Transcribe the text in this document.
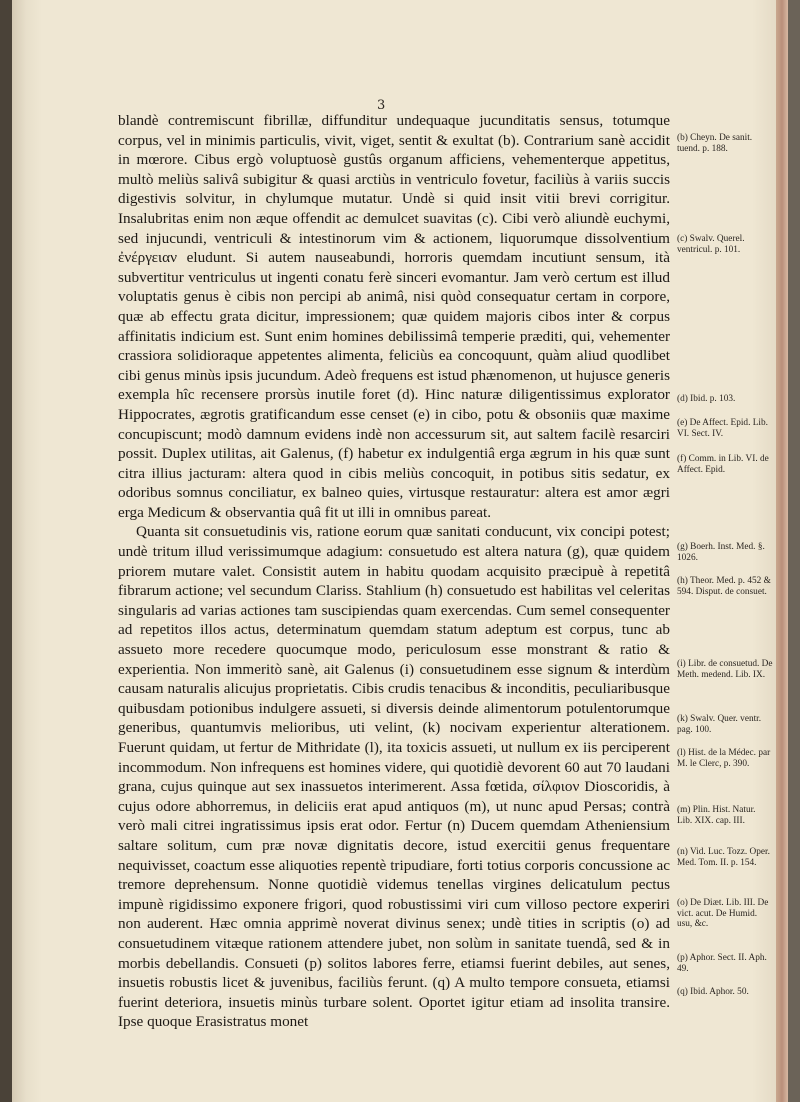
3

blandè contremiscunt fibrillæ, diffunditur undequaque jucunditatis sensus, totumque corpus, vel in minimis particulis, vivit, viget, sentit & exultat (b). Contrarium sanè accidit in mœrore. Cibus ergò voluptuosè gustûs organum afficiens, vehementerque appetitus, multò meliùs salivâ subigitur & quasi arctiùs in ventriculo fovetur, faciliùs à variis succis digestivis solvitur, in chylumque mutatur. Undè si quid insit vitii brevi corrigitur. Insalubritas enim non æque offendit ac demulcet suavitas (c). Cibi verò aliundè euchymi, sed injucundi, ventriculi & intestinorum vim & actionem, liquorumque dissolventium ἐνέργειαν eludunt. Si autem nauseabundi, horroris quemdam incutiunt sensum, ità subvertitur ventriculus ut ingenti conatu ferè sinceri evomantur. Jam verò certum est illud voluptatis genus è cibis non percipi ab animâ, nisi quòd consequatur certam in corpore, quæ ab effectu grata dicitur, impressionem; quæ quidem majoris cibos inter & corpus affinitatis indicium est. Sunt enim homines debilissimâ temperie præditi, qui, vehementer crassiora solidioraque appetentes alimenta, feliciùs ea concoquunt, quàm aliud quodlibet cibi genus minùs ipsis jucundum. Adeò frequens est istud phænomenon, ut hujusce generis exempla hîc recensere prorsùs inutile foret (d). Hinc naturæ diligentissimus explorator Hippocrates, ægrotis gratificandum esse censet (e) in cibo, potu & obsoniis quæ maxime concupiscunt; modò damnum evidens indè non accessurum sit, aut saltem facilè resarciri possit. Duplex utilitas, ait Galenus, (f) habetur ex indulgentiâ erga ægrum in his quæ sunt citra illius jacturam: altera quod in cibis meliùs concoquit, in potibus sitis sedatur, ex odoribus somnus conciliatur, ex balneo quies, virtusque restauratur: altera est amor ægri erga Medicum & observantia quâ fit ut illi in omnibus pareat.

Quanta sit consuetudinis vis, ratione eorum quæ sanitati conducunt, vix concipi potest; undè tritum illud verissimumque adagium: consuetudo est altera natura (g), quæ quidem priorem mutare valet. Consistit autem in habitu quodam acquisito præcipuè à repetitâ fibrarum actione; vel secundum Clariss. Stahlium (h) consuetudo est habilitas vel celeritas singularis ad varias actiones tam suscipiendas quam exercendas. Cum semel consequenter ad repetitos illos actus, determinatum quemdam statum adeptum est corpus, tunc ab assueto more recedere quocumque modo, periculosum esse monstrant & ratio & experientia. Non immeritò sanè, ait Galenus (i) consuetudinem esse signum & interdùm causam naturalis alicujus proprietatis. Cibis crudis tenacibus & inconditis, peculiaribusque quibusdam potionibus indulgere assueti, si diversis deinde alimentorum potulentorumque generibus, quantumvis melioribus, uti velint, (k) nocivam experientur alterationem. Fuerunt quidam, ut fertur de Mithridate (l), ita toxicis assueti, ut nullum ex iis perciperent incommodum. Non infrequens est homines videre, qui quotidiè devorent 60 aut 70 laudani grana, cujus quinque aut sex inassuetos interimerent. Assa fœtida, σίλφιον Dioscoridis, à cujus odore abhorremus, in deliciis erat apud antiquos (m), ut nunc apud Persas; contrà verò mali citrei ingratissimus ipsis erat odor. Fertur (n) Ducem quemdam Atheniensium saltare solitum, cum præ novæ dignitatis decore, istud exercitii genus frequentare nequivisset, coactum esse aliquoties repentè tripudiare, forti totius corporis concussione ac tremore deprehensum. Nonne quotidiè videmus tenellas virgines delicatulum pectus impunè rigidissimo exponere frigori, quod robustissimi viri cum villoso pectore experiri non auderent. Hæc omnia apprimè noverat divinus senex; undè tities in scriptis (o) ad consuetudinem vitæque rationem attendere jubet, non solùm in sanitate tuendâ, sed & in morbis debellandis. Consueti (p) solitos labores ferre, etiamsi fuerint debiles, aut senes, insuetis robustis licet & juvenibus, faciliùs ferunt. (q) A multo tempore consueta, etiamsi fuerint deteriora, insuetis minùs turbare solent. Oportet igitur etiam ad insolita transire. Ipse quoque Erasistratus monet

(b) Cheyn. De sanit. tuend. p. 188.
(c) Swalv. Querel. ventricul. p. 101.
(d) Ibid. p. 103.
(e) De Affect. Epid. Lib. VI. Sect. IV.
(f) Comm. in Lib. VI. de Affect. Epid.
(g) Boerh. Inst. Med. §. 1026.
(h) Theor. Med. p. 452 & 594. Disput. de consuet.
(i) Libr. de consuetud. De Meth. medend. Lib. IX.
(k) Swalv. Quer. ventr. pag. 100.
(l) Hist. de la Médec. par M. le Clerc, p. 390.
(m) Plin. Hist. Natur. Lib. XIX. cap. III.
(n) Vid. Luc. Tozz. Oper. Med. Tom. II. p. 154.
(o) De Diæt. Lib. III. De vict. acut. De Humid. usu, &c.
(p) Aphor. Sect. II. Aph. 49.
(q) Ibid. Aphor. 50.
